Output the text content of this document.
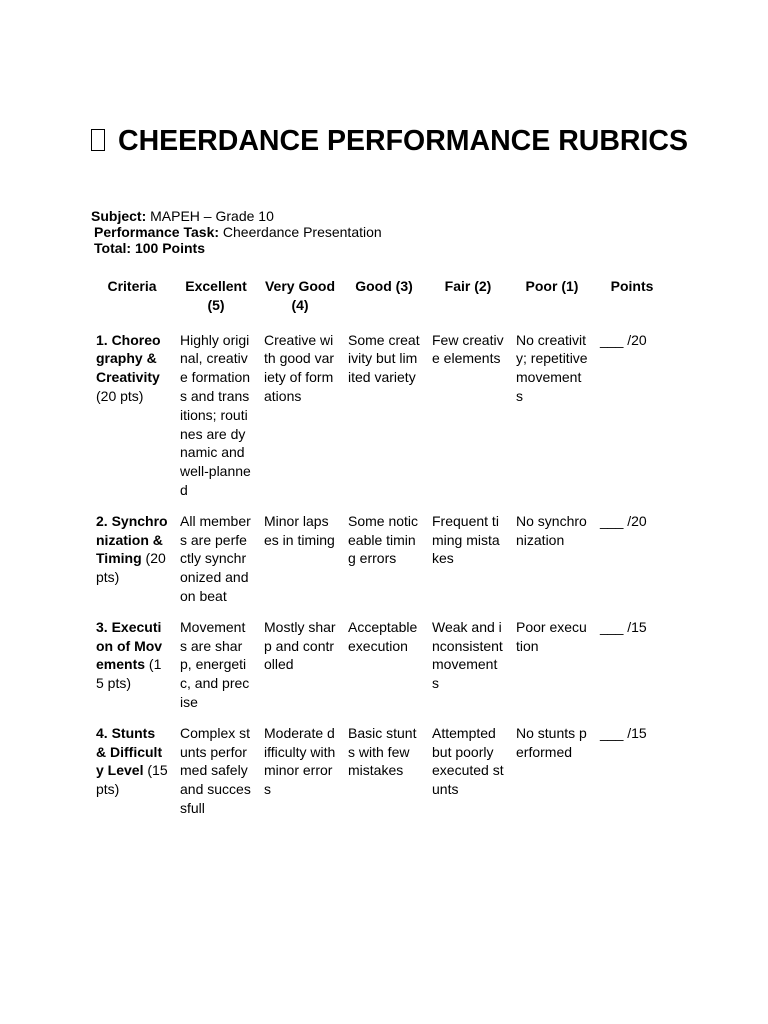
CHEERDANCE PERFORMANCE RUBRICS
Subject: MAPEH – Grade 10
Performance Task: Cheerdance Presentation
Total: 100 Points
Criteria	Excellent (5)	Very Good (4)	Good (3)	Fair (2)	Poor (1)	Points
1. Choreography & Creativity (20 pts)	Highly original, creative formations and transitions; routines are dynamic and well-planned	Creative with good variety of formations	Some creativity but limited variety	Few creative elements	No creativity; repetitive movements	___ /20
2. Synchronization & Timing (20 pts)	All members are perfectly synchronized and on beat	Minor lapses in timing	Some noticeable timing errors	Frequent timing mistakes	No synchronization	___ /20
3. Execution of Movements (15 pts)	Movements are sharp, energetic, and precise	Mostly sharp and controlled	Acceptable execution	Weak and inconsistent movements	Poor execution	___ /15
4. Stunts & Difficulty Level (15 pts)	Complex stunts performed safely and successfull	Moderate difficulty with minor errors	Basic stunts with few mistakes	Attempted but poorly executed stunts	No stunts performed	___ /15
